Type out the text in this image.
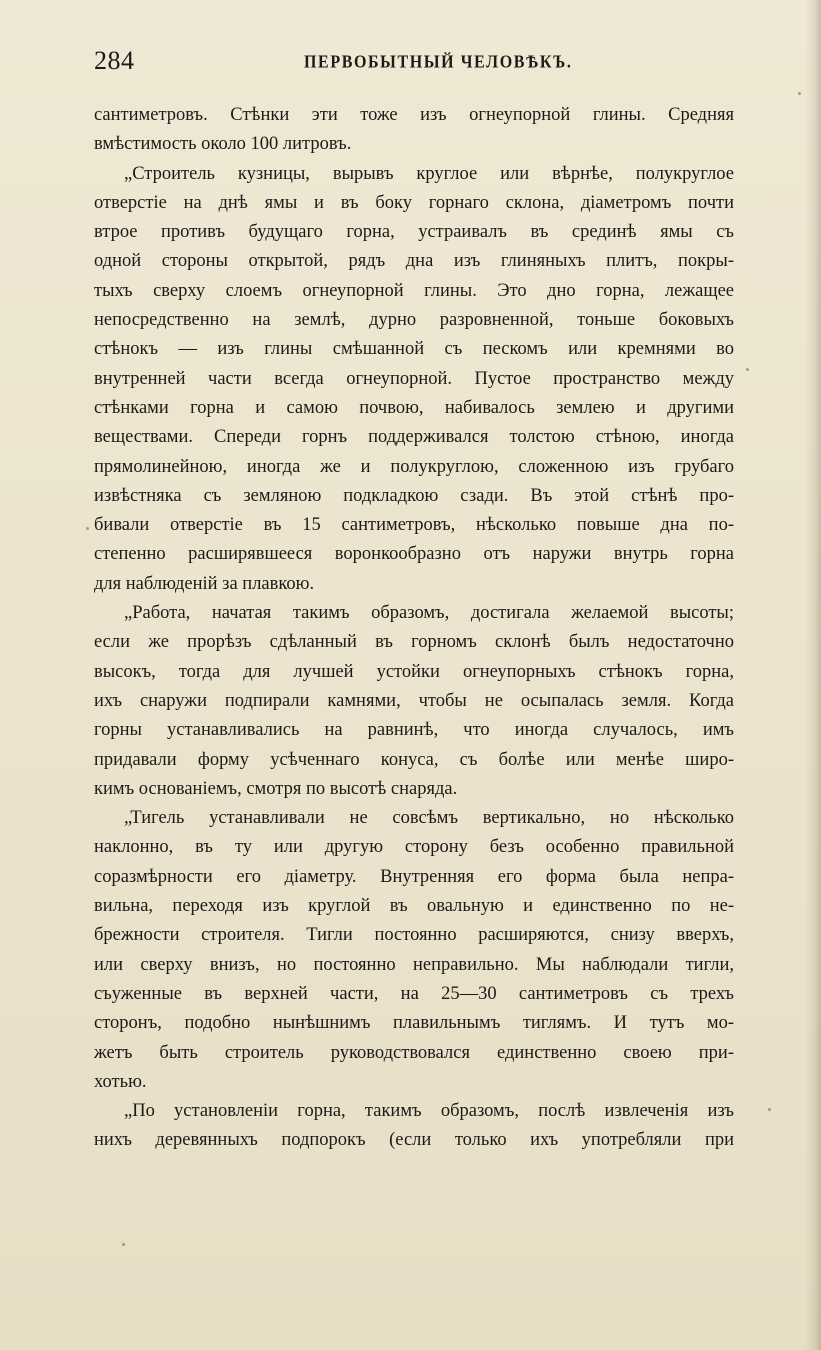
284	ПЕРВОБЫТНЫЙ ЧЕЛОВѢКЪ.
сантиметровъ. Стѣнки эти тоже изъ огнеупорной глины. Средняя
вмѣстимость около 100 литровъ.
„Строитель кузницы, вырывъ круглое или вѣрнѣе, полукруглое
отверстіе на днѣ ямы и въ боку горнаго склона, діаметромъ почти
втрое противъ будущаго горна, устраивалъ въ срединѣ ямы съ
одной стороны открытой, рядъ дна изъ глиняныхъ плитъ, покры-
тыхъ сверху слоемъ огнеупорной глины. Это дно горна, лежащее
непосредственно на землѣ, дурно разровненной, тоньше боковыхъ
стѣнокъ — изъ глины смѣшанной съ пескомъ или кремнями во
внутренней части всегда огнеупорной. Пустое пространство между
стѣнками горна и самою почвою, набивалось землею и другими
веществами. Спереди горнъ поддерживался толстою стѣною, иногда
прямолинейною, иногда же и полукруглою, сложенною изъ грубаго
извѣстняка съ земляною подкладкою сзади. Въ этой стѣнѣ про-
бивали отверстіе въ 15 сантиметровъ, нѣсколько повыше дна по-
степенно расширявшееся воронкообразно отъ наружи внутрь горна
для наблюденій за плавкою.
„Работа, начатая такимъ образомъ, достигала желаемой высоты;
если же прорѣзъ сдѣланный въ горномъ склонѣ былъ недостаточно
высокъ, тогда для лучшей устойки огнеупорныхъ стѣнокъ горна,
ихъ снаружи подпирали камнями, чтобы не осыпалась земля. Когда
горны устанавливались на равнинѣ, что иногда случалось, имъ
придавали форму усѣченнаго конуса, съ болѣе или менѣе широ-
кимъ основаніемъ, смотря по высотѣ снаряда.
„Тигель устанавливали не совсѣмъ вертикально, но нѣсколько
наклонно, въ ту или другую сторону безъ особенно правильной
соразмѣрности его діаметру. Внутренняя его форма была непра-
вильна, переходя изъ круглой въ овальную и единственно по не-
брежности строителя. Тигли постоянно расширяются, снизу вверхъ,
или сверху внизъ, но постоянно неправильно. Мы наблюдали тигли,
съуженные въ верхней части, на 25—30 сантиметровъ съ трехъ
сторонъ, подобно нынѣшнимъ плавильнымъ тиглямъ. И тутъ мо-
жетъ быть строитель руководствовался единственно своею при-
хотью.
„По установленіи горна, такимъ образомъ, послѣ извлеченія изъ
нихъ деревянныхъ подпорокъ (если только ихъ употребляли при
